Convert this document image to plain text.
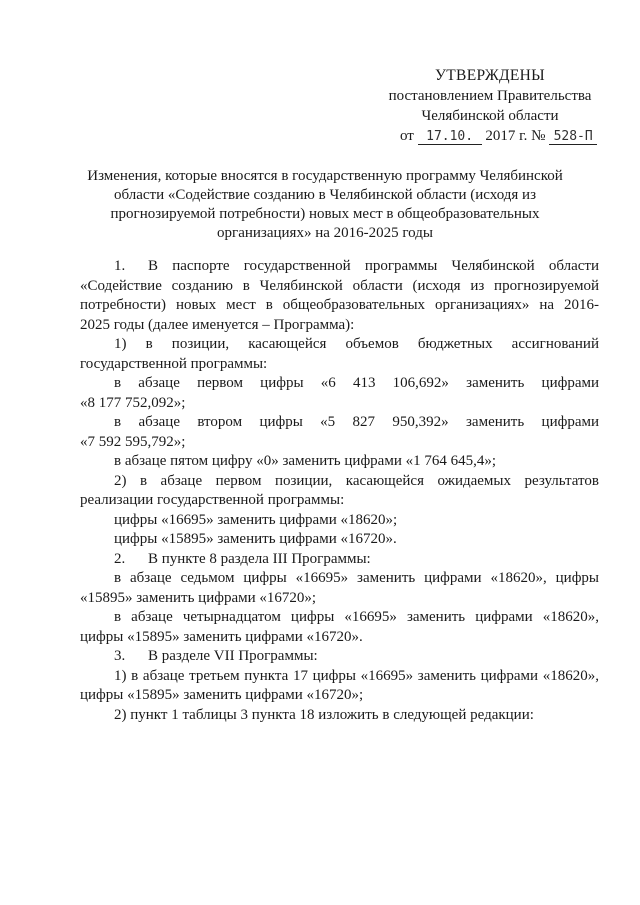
УТВЕРЖДЕНЫ
постановлением Правительства
Челябинской области
от 17.10. 2017 г. № 528-П
Изменения, которые вносятся в государственную программу Челябинской
области «Содействие созданию в Челябинской области (исходя из
прогнозируемой потребности) новых мест в общеобразовательных
организациях» на 2016-2025 годы

1. В паспорте государственной программы Челябинской области

«Содействие созданию в Челябинской области (исходя из прогнозируемой

потребности) новых мест в общеобразовательных организациях» на 2016-

2025 годы (далее именуется – Программа):

1) в позиции, касающейся объемов бюджетных ассигнований

государственной программы:

в абзаце первом цифры «6 413 106,692» заменить цифрами

«8 177 752,092»;

в абзаце втором цифры «5 827 950,392» заменить цифрами

«7 592 595,792»;

в абзаце пятом цифру «0» заменить цифрами «1 764 645,4»;

2) в абзаце первом позиции, касающейся ожидаемых результатов

реализации государственной программы:

цифры «16695» заменить цифрами «18620»;

цифры «15895» заменить цифрами «16720».

2. В пункте 8 раздела III Программы:

в абзаце седьмом цифры «16695» заменить цифрами «18620», цифры

«15895» заменить цифрами «16720»;

в абзаце четырнадцатом цифры «16695» заменить цифрами «18620»,

цифры «15895» заменить цифрами «16720».

3. В разделе VII Программы:

1) в абзаце третьем пункта 17 цифры «16695» заменить цифрами «18620»,

цифры «15895» заменить цифрами «16720»;

2) пункт 1 таблицы 3 пункта 18 изложить в следующей редакции:
